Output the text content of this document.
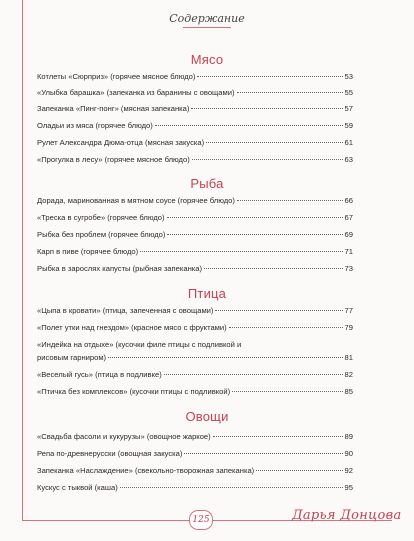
Содержание
Мясо
Котлеты «Сюрприз» (горячее мясное блюдо)	53
«Улыбка барашка» (запеканка из баранины с овощами)	55
Запеканка «Пинг-понг» (мясная запеканка)	57
Оладьи из мяса (горячее блюдо)	59
Рулет Александра Дюма-отца (мясная закуска)	61
«Прогулка в лесу» (горячее мясное блюдо)	63
Рыба
Дорада, маринованная в мятном соусе (горячее блюдо)	66
«Треска в сугробе» (горячее блюдо)	67
Рыбка без проблем (горячее блюдо)	69
Карп в пиве (горячее блюдо)	71
Рыбка в зарослях капусты (рыбная запеканка)	73
Птица
«Цыпа в кровати» (птица, запеченная с овощами)	77
«Полет утки над гнездом» (красное мясо с фруктами)	79
«Индейка на отдыхе» (кусочки филе птицы с подливкой и
рисовым гарниром)	81
«Веселый гусь» (птица в подливке)	82
«Птичка без комплексов» (кусочки птицы с подливкой)	85
Овощи
«Свадьба фасоли и кукурузы» (овощное жаркое)	89
Репа по-древнерусски (овощная закуска)	90
Запеканка «Наслаждение» (свекольно-творожная запеканка)	92
Кускус с тыквой (каша)	95
125	Дарья Донцова
